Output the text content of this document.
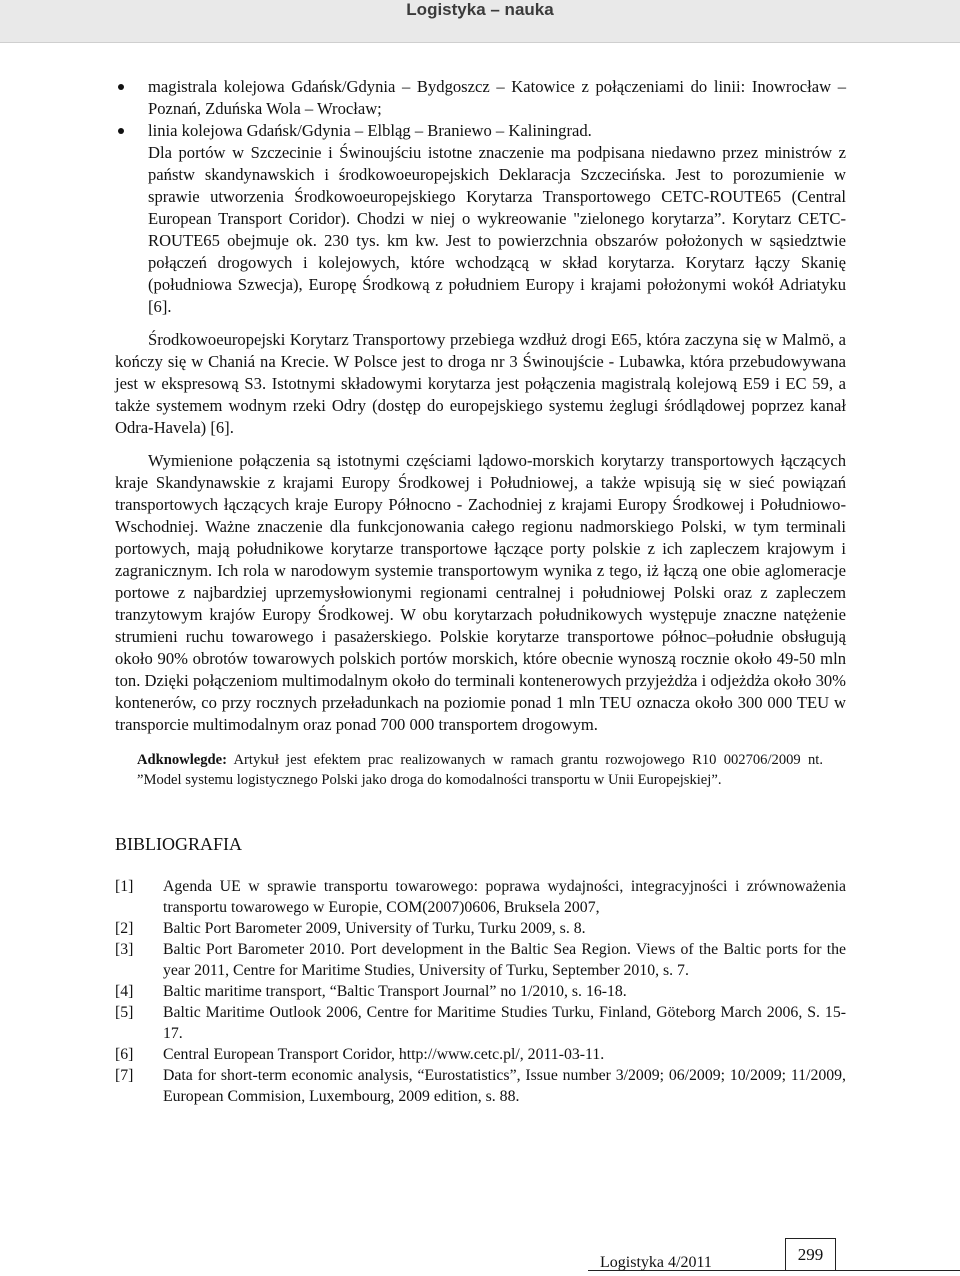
Logistyka – nauka
magistrala kolejowa Gdańsk/Gdynia – Bydgoszcz – Katowice z połączeniami do linii: Inowrocław – Poznań, Zduńska Wola – Wrocław;
linia kolejowa Gdańsk/Gdynia – Elbląg – Braniewo – Kaliningrad.

Dla portów w Szczecinie i Świnoujściu istotne znaczenie ma podpisana niedawno przez ministrów z państw skandynawskich i środkowoeuropejskich Deklaracja Szczecińska. Jest to porozumienie w sprawie utworzenia Środkowoeuropejskiego Korytarza Transportowego CETC-ROUTE65 (Central European Transport Coridor). Chodzi w niej o wykreowanie "zielonego korytarza”. Korytarz CETC-ROUTE65 obejmuje ok. 230 tys. km kw. Jest to powierzchnia obszarów położonych w sąsiedztwie połączeń drogowych i kolejowych, które wchodzącą w skład korytarza. Korytarz łączy Skanię (południowa Szwecja), Europę Środkową z południem Europy i krajami położonymi wokół Adriatyku [6].

Środkowoeuropejski Korytarz Transportowy przebiega wzdłuż drogi E65, która zaczyna się w Malmö, a kończy się w Chaniá na Krecie. W Polsce jest to droga nr 3 Świnoujście - Lubawka, która przebudowywana jest w ekspresową S3. Istotnymi składowymi korytarza jest połączenia magistralą kolejową E59 i EC 59, a także systemem wodnym rzeki Odry (dostęp do europejskiego systemu żeglugi śródlądowej poprzez kanał Odra-Havela) [6].

Wymienione połączenia są istotnymi częściami lądowo-morskich korytarzy transportowych łączących kraje Skandynawskie z krajami Europy Środkowej i Południowej, a także wpisują się w sieć powiązań transportowych łączących kraje Europy Północno - Zachodniej z krajami Europy Środkowej i Południowo-Wschodniej. Ważne znaczenie dla funkcjonowania całego regionu nadmorskiego Polski, w tym terminali portowych, mają południkowe korytarze transportowe łączące porty polskie z ich zapleczem krajowym i zagranicznym. Ich rola w narodowym systemie transportowym wynika z tego, iż łączą one obie aglomeracje portowe z najbardziej uprzemysłowionymi regionami centralnej i południowej Polski oraz z zapleczem tranzytowym krajów Europy Środkowej. W obu korytarzach południkowych występuje znaczne natężenie strumieni ruchu towarowego i pasażerskiego. Polskie korytarze transportowe północ–południe obsługują około 90% obrotów towarowych polskich portów morskich, które obecnie wynoszą rocznie około 49-50 mln ton. Dzięki połączeniom multimodalnym około do terminali kontenerowych przyjeżdża i odjeżdża około 30% kontenerów, co przy rocznych przeładunkach na poziomie ponad 1 mln TEU oznacza około 300 000 TEU w transporcie multimodalnym oraz ponad 700 000 transportem drogowym.

Adknowlegde: Artykuł jest efektem prac realizowanych w ramach grantu rozwojowego R10 002706/2009 nt. ”Model systemu logistycznego Polski jako droga do komodalności transportu w Unii Europejskiej”.

BIBLIOGRAFIA
[1]	Agenda UE w sprawie transportu towarowego: poprawa wydajności, integracyjności i zrównoważenia transportu towarowego w Europie, COM(2007)0606, Bruksela 2007,
[2]	Baltic Port Barometer 2009, University of Turku, Turku 2009, s. 8.
[3]	Baltic Port Barometer 2010. Port development in the Baltic Sea Region. Views of the Baltic ports for the year 2011, Centre for Maritime Studies, University of Turku, September 2010, s. 7.
[4]	Baltic maritime transport, “Baltic Transport Journal” no 1/2010, s. 16-18.
[5]	Baltic Maritime Outlook 2006, Centre for Maritime Studies Turku, Finland, Göteborg March 2006, S. 15-17.
[6]	Central European Transport Coridor, http://www.cetc.pl/, 2011-03-11.
[7]	Data for short-term economic analysis, “Eurostatistics”, Issue number 3/2009; 06/2009; 10/2009; 11/2009, European Commision, Luxembourg, 2009 edition, s. 88.
299
Logistyka 4/2011
